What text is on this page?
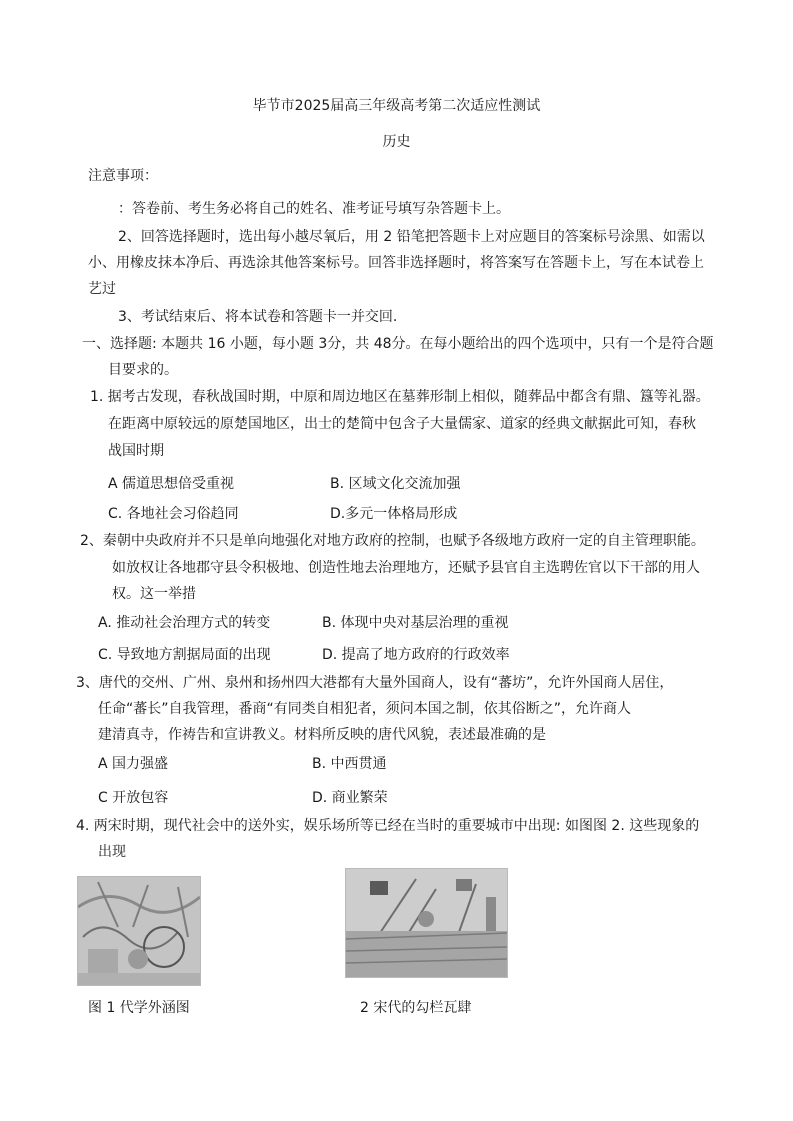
毕节市2025届高三年级高考第二次适应性测试
历史
注意事项：
：答卷前、考生务必将自己的姓名、准考证号填写杂答题卡上。
2、回答选择题时，选出每小越尽氧后，用 2 铅笔把答题卡上对应题目的答案标号涂黑、如需以
小、用橡皮抹本净后、再选涂其他答案标号。回答非选择题时，将答案写在答题卡上，写在本试卷上
艺过
3、考试结束后、将本试卷和答题卡一并交回.
一、选择题: 本题共 16 小题，每小题 3分，共 48分。在每小题给出的四个选项中，只有一个是符合题
目要求的。
1. 据考古发现，春秋战国时期，中原和周边地区在墓葬形制上相似，随葬品中都含有鼎、簋等礼器。
在距离中原较远的原楚国地区，出士的楚简中包含子大量儒家、道家的经典文献据此可知，春秋
战国时期
A 儒道思想倍受重视	B. 区域文化交流加强
C. 各地社会习俗趋同	D.多元一体格局形成
2、秦朝中央政府并不只是单向地强化对地方政府的控制，也赋予各级地方政府一定的自主管理职能。
如放权让各地郡守县令积极地、创造性地去治理地方，还赋予县官自主选聘佐官以下干部的用人
权。这一举措
A. 推动社会治理方式的转变	B. 体现中央对基层治理的重视
C. 导致地方割据局面的出现	D. 提高了地方政府的行政效率
3、唐代的交州、广州、泉州和扬州四大港都有大量外国商人，设有“蕃坊”，允许外国商人居住，
任命“蕃长”自我管理，番商“有同类自相犯者，须问本国之制，依其俗断之”，允许商人
建清真寺，作祷告和宣讲教义。材料所反映的唐代风貌，表述最准确的是
A 国力强盛	B. 中西贯通
C 开放包容	D. 商业繁荣
4. 两宋时期，现代社会中的送外实，娱乐场所等已经在当时的重要城市中出现: 如图图 2. 这些现象的
出现
图 1 代学外涵图	2 宋代的勾栏瓦肆
